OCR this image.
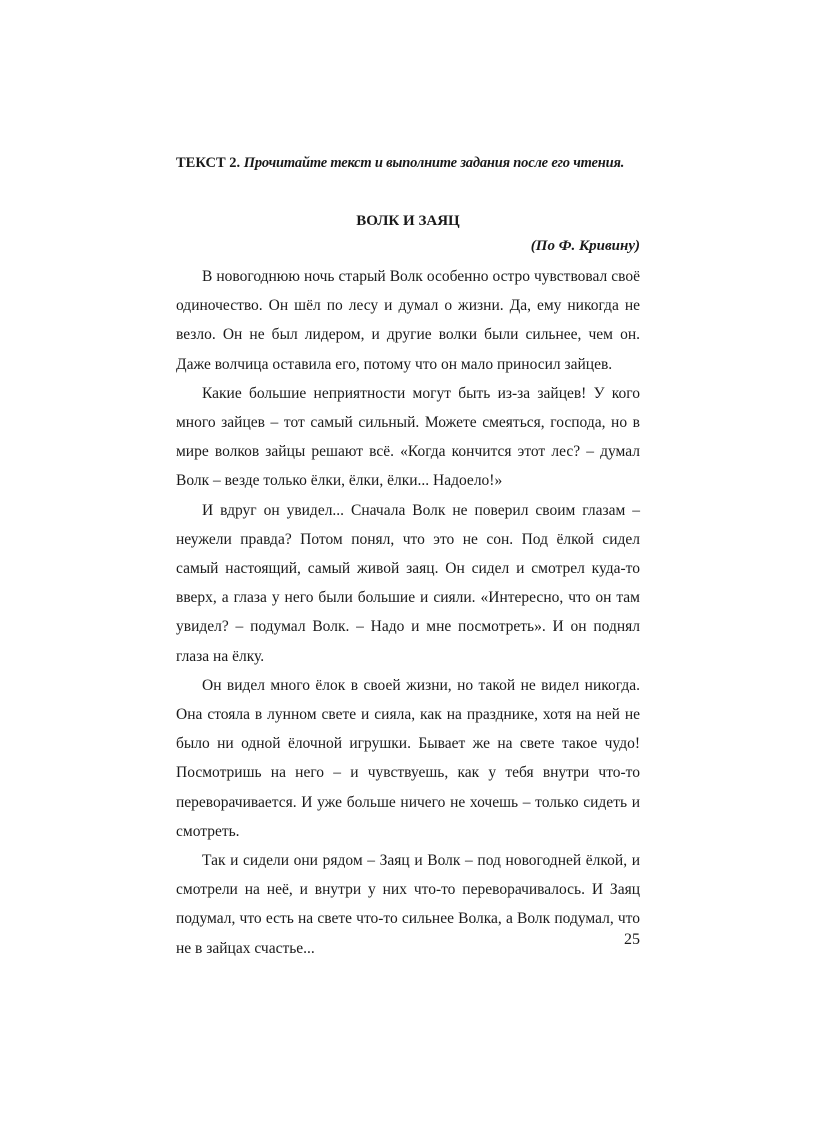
ТЕКСТ 2. Прочитайте текст и выполните задания после его чтения.
ВОЛК И ЗАЯЦ
(По Ф. Кривину)

В новогоднюю ночь старый Волк особенно остро чувствовал своё одиночество. Он шёл по лесу и думал о жизни. Да, ему никогда не везло. Он не был лидером, и другие волки были сильнее, чем он. Даже волчица оставила его, потому что он мало приносил зайцев.

Какие большие неприятности могут быть из-за зайцев! У кого много зайцев – тот самый сильный. Можете смеяться, господа, но в мире волков зайцы решают всё. «Когда кончится этот лес? – думал Волк – везде только ёлки, ёлки, ёлки... Надоело!»

И вдруг он увидел... Сначала Волк не поверил своим глазам – неужели правда? Потом понял, что это не сон. Под ёлкой сидел самый настоящий, самый живой заяц. Он сидел и смотрел куда-то вверх, а глаза у него были большие и сияли. «Интересно, что он там увидел? – подумал Волк. – Надо и мне посмотреть». И он поднял глаза на ёлку.

Он видел много ёлок в своей жизни, но такой не видел никогда. Она стояла в лунном свете и сияла, как на празднике, хотя на ней не было ни одной ёлочной игрушки. Бывает же на свете такое чудо! Посмотришь на него – и чувствуешь, как у тебя внутри что-то переворачивается. И уже больше ничего не хочешь – только сидеть и смотреть.

Так и сидели они рядом – Заяц и Волк – под новогодней ёлкой, и смотрели на неё, и внутри у них что-то переворачивалось. И Заяц подумал, что есть на свете что-то сильнее Волка, а Волк подумал, что не в зайцах счастье...

25
